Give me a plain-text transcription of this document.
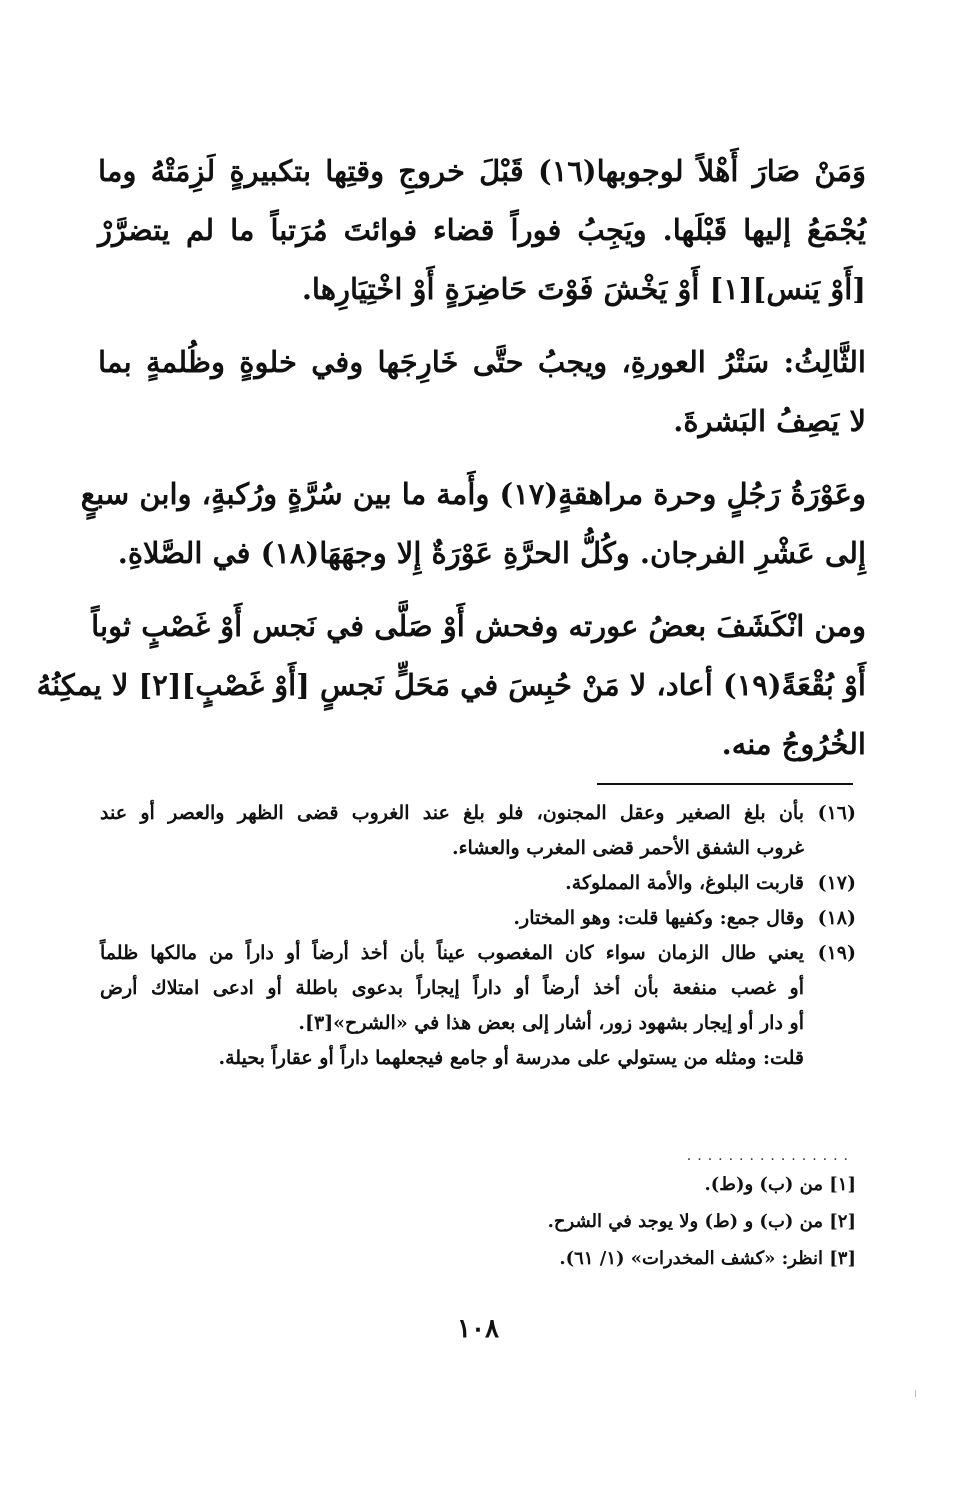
وَمَنْ صَارَ أَهْلاً لوجوبها(١٦) قَبْلَ خروجِ وقتِها بتكبيرةٍ لَزِمَتْهُ وما
يُجْمَعُ إليها قَبْلَها. ويَجِبُ فوراً قضاء فوائتَ مُرَتباً ما لم يتضرَّرْ
[أَوْ يَنس][١] أَوْ يَخْشَ فَوْتَ حَاضِرَةٍ أَوْ اخْتِيَارِها.

الثَّالِثُ: سَتْرُ العورةِ، ويجبُ حتَّى خَارِجَها وفي خلوةٍ وظُلمةٍ بما
لا يَصِفُ البَشرةَ.

وعَوْرَةُ رَجُلٍ وحرة مراهقةٍ(١٧) وأَمة ما بين سُرَّةٍ ورُكبةٍ، وابن سبعٍ
إِلى عَشْرِ الفرجان. وكُلُّ الحرَّةِ عَوْرَةٌ إِلا وجهَهَا(١٨) في الصَّلاةِ.

ومن انْكَشَفَ بعضُ عورته وفحش أَوْ صَلَّى في نَجس أَوْ غَصْبٍ ثوباً
أَوْ بُقْعَةً(١٩) أعاد، لا مَنْ حُبِسَ في مَحَلٍّ نَجسٍ [أَوْ غَصْبٍ][٢] لا يمكِنُهُ
الخُرُوجُ منه.

(١٦)بأن بلغ الصغير وعقل المجنون، فلو بلغ عند الغروب قضى الظهر والعصر أو عند
غروب الشفق الأحمر قضى المغرب والعشاء.
(١٧)قاربت البلوغ، والأمة المملوكة.
(١٨)وقال جمع: وكفيها قلت: وهو المختار.
(١٩)يعني طال الزمان سواء كان المغصوب عيناً بأن أخذ أرضاً أو داراً من مالكها ظلماً
أو غصب منفعة بأن أخذ أرضاً أو داراً إيجاراً بدعوى باطلة أو ادعى امتلاك أرض
أو دار أو إيجار بشهود زور، أشار إلى بعض هذا في «الشرح»[٣].
قلت: ومثله من يستولي على مدرسة أو جامع فيجعلهما داراً أو عقاراً بحيلة.
................
[١] من (ب) و(ط).
[٢] من (ب) و (ط) ولا يوجد في الشرح.
[٣] انظر: «كشف المخدرات» (١/ ٦١).
١٠٨
